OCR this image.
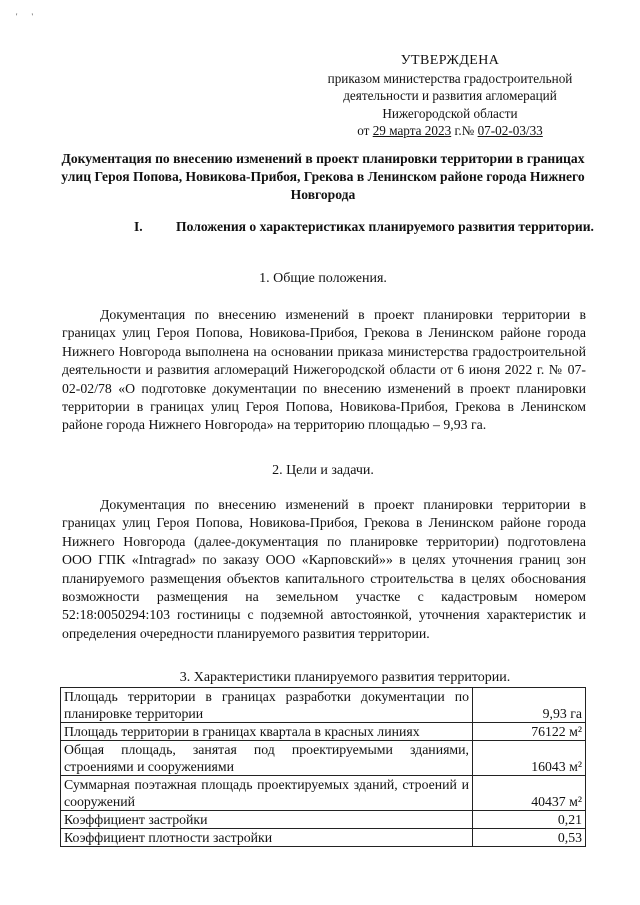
'       '
УТВЕРЖДЕНА
приказом министерства градостроительной
деятельности и развития агломераций
Нижегородской области
от 29 марта 2023 г.№ 07-02-03/33
Документация по внесению изменений в проект планировки территории в границах улиц Героя Попова, Новикова-Прибоя, Грекова в Ленинском районе города Нижнего Новгорода
I. Положения о характеристиках планируемого развития территории.
1. Общие положения.

Документация по внесению изменений в проект планировки территории в границах улиц Героя Попова, Новикова-Прибоя, Грекова в Ленинском районе города Нижнего Новгорода выполнена на основании приказа министерства градостроительной деятельности и развития агломераций Нижегородской области от 6 июня 2022 г. № 07-02-02/78 «О подготовке документации по внесению изменений в проект планировки территории в границах улиц Героя Попова, Новикова-Прибоя, Грекова в Ленинском районе города Нижнего Новгорода» на территорию площадью – 9,93 га.

2. Цели и задачи.

Документация по внесению изменений в проект планировки территории в границах улиц Героя Попова, Новикова-Прибоя, Грекова в Ленинском районе города Нижнего Новгорода (далее-документация по планировке территории) подготовлена ООО ГПК «Intragrad» по заказу ООО «Карповский»» в целях уточнения границ зон планируемого размещения объектов капитального строительства в целях обоснования возможности размещения на земельном участке с кадастровым номером 52:18:0050294:103 гостиницы с подземной автостоянкой, уточнения характеристик и определения очередности планируемого развития территории.

3. Характеристики планируемого развития территории.
Площадь территории в границах разработки документации по планировке территории	9,93 га
Площадь территории в границах квартала в красных линиях	76122 м²
Общая площадь, занятая под проектируемыми зданиями, строениями и сооружениями	16043 м²
Суммарная поэтажная площадь проектируемых зданий, строений и сооружений	40437 м²
Коэффициент застройки	0,21
Коэффициент плотности застройки	0,53
